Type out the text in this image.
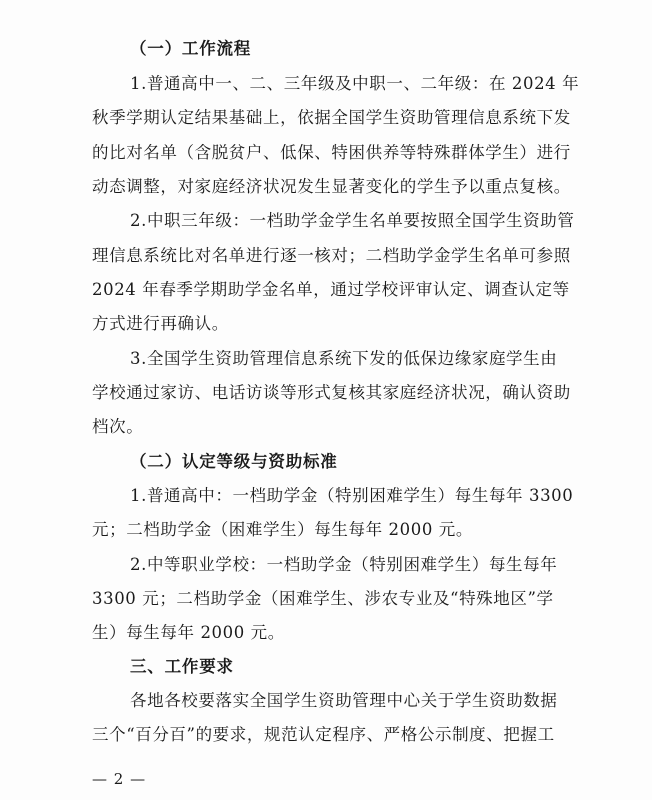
（一）工作流程
1.普通高中一、二、三年级及中职一、二年级：在 2024 年
秋季学期认定结果基础上，依据全国学生资助管理信息系统下发
的比对名单（含脱贫户、低保、特困供养等特殊群体学生）进行
动态调整，对家庭经济状况发生显著变化的学生予以重点复核。
2.中职三年级：一档助学金学生名单要按照全国学生资助管
理信息系统比对名单进行逐一核对；二档助学金学生名单可参照
2024 年春季学期助学金名单，通过学校评审认定、调查认定等
方式进行再确认。
3.全国学生资助管理信息系统下发的低保边缘家庭学生由
学校通过家访、电话访谈等形式复核其家庭经济状况，确认资助
档次。
（二）认定等级与资助标准
1.普通高中：一档助学金（特别困难学生）每生每年 3300
元；二档助学金（困难学生）每生每年 2000 元。
2.中等职业学校：一档助学金（特别困难学生）每生每年
3300 元；二档助学金（困难学生、涉农专业及“特殊地区”学
生）每生每年 2000 元。
三、工作要求
各地各校要落实全国学生资助管理中心关于学生资助数据
三个“百分百”的要求，规范认定程序、严格公示制度、把握工
— 2 —
